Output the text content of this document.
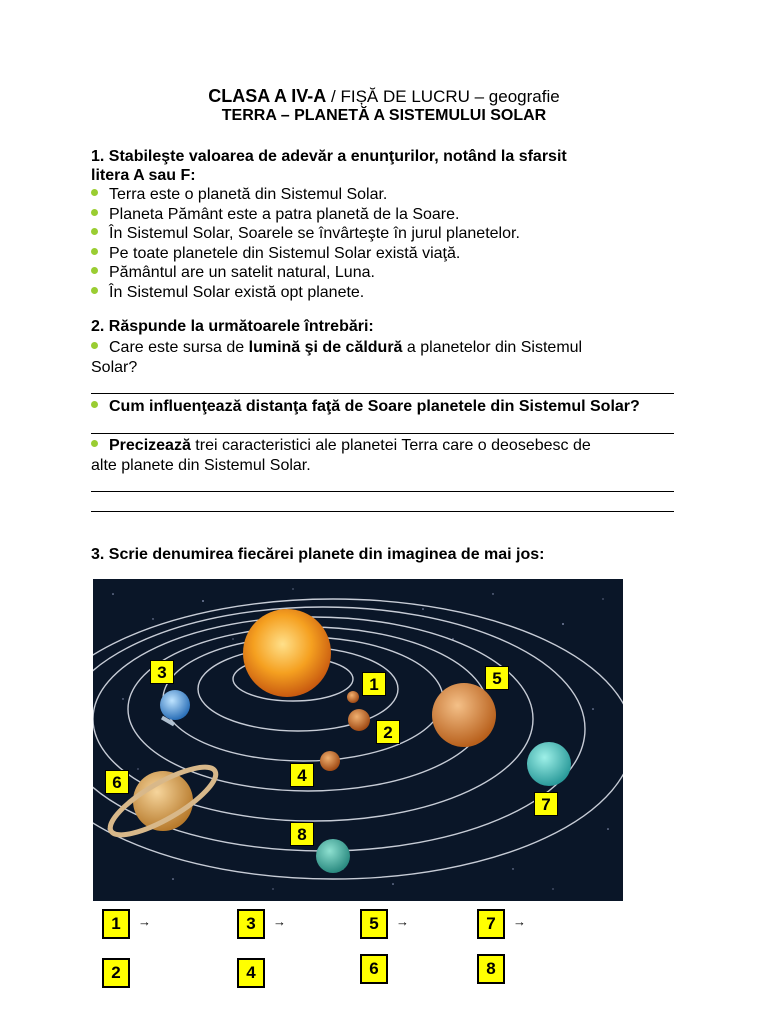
CLASA A IV-A / FIȘĂ DE LUCRU – geografie
TERRA – PLANETĂ A SISTEMULUI SOLAR
1. Stabileşte valoarea de adevăr a enunţurilor, notând la sfarsit
litera A sau F:
Terra este o planetă din Sistemul Solar.
Planeta Pământ este a patra planetă de la Soare.
În Sistemul Solar, Soarele se învârteşte în jurul planetelor.
Pe toate planetele din Sistemul Solar există viaţă.
Pământul are un satelit natural, Luna.
În Sistemul Solar există opt planete.
2. Răspunde la următoarele întrebări:
Care este sursa de lumină şi de căldură a planetelor din Sistemul
Solar?
Cum influenţează distanţa faţă de Soare planetele din Sistemul Solar?
Precizează trei caracteristici ale planetei Terra care o deosebesc de
alte planete din Sistemul Solar.
3. Scrie denumirea fiecărei planete din imaginea de mai jos:
3
1
2
5
6	4
7
8
1	→	3	→	5	→	7	→
2	4	6	8
